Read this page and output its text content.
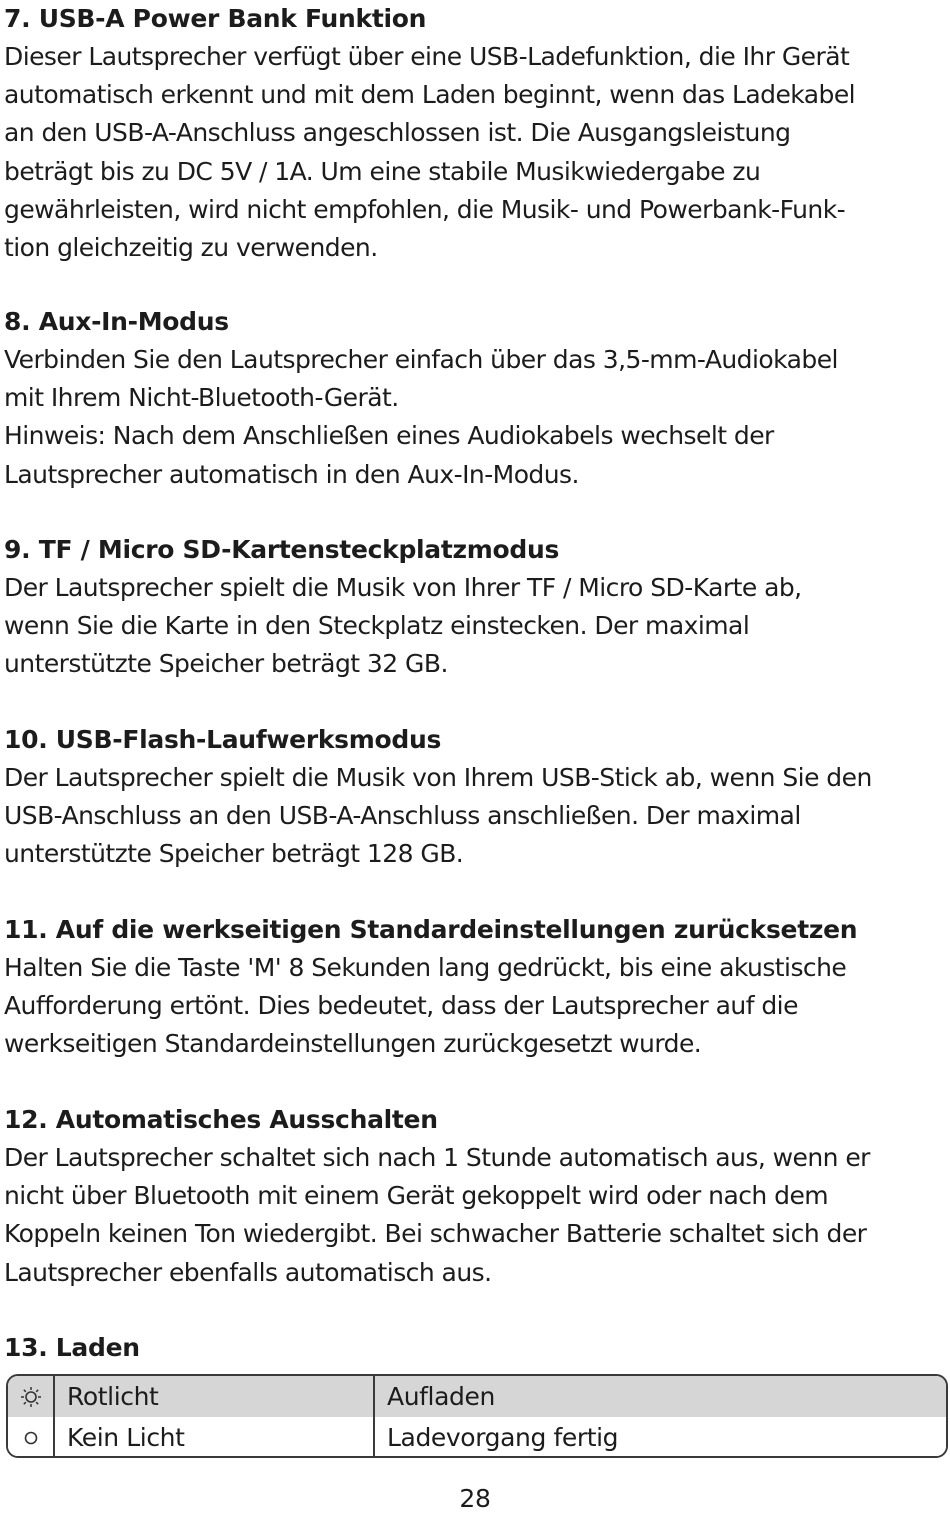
7. USB-A Power Bank Funktion
Dieser Lautsprecher verfügt über eine USB-Ladefunktion, die Ihr Gerät
automatisch erkennt und mit dem Laden beginnt, wenn das Ladekabel
an den USB-A-Anschluss angeschlossen ist. Die Ausgangsleistung
beträgt bis zu DC 5V / 1A. Um eine stabile Musikwiedergabe zu
gewährleisten, wird nicht empfohlen, die Musik- und Powerbank-Funk-
tion gleichzeitig zu verwenden.
8. Aux-In-Modus
Verbinden Sie den Lautsprecher einfach über das 3,5-mm-Audiokabel
mit Ihrem Nicht-Bluetooth-Gerät.
Hinweis: Nach dem Anschließen eines Audiokabels wechselt der
Lautsprecher automatisch in den Aux-In-Modus.
9. TF / Micro SD-Kartensteckplatzmodus
Der Lautsprecher spielt die Musik von Ihrer TF / Micro SD-Karte ab,
wenn Sie die Karte in den Steckplatz einstecken. Der maximal
unterstützte Speicher beträgt 32 GB.
10. USB-Flash-Laufwerksmodus
Der Lautsprecher spielt die Musik von Ihrem USB-Stick ab, wenn Sie den
USB-Anschluss an den USB-A-Anschluss anschließen. Der maximal
unterstützte Speicher beträgt 128 GB.
11. Auf die werkseitigen Standardeinstellungen zurücksetzen
Halten Sie die Taste 'M' 8 Sekunden lang gedrückt, bis eine akustische
Aufforderung ertönt. Dies bedeutet, dass der Lautsprecher auf die
werkseitigen Standardeinstellungen zurückgesetzt wurde.
12. Automatisches Ausschalten
Der Lautsprecher schaltet sich nach 1 Stunde automatisch aus, wenn er
nicht über Bluetooth mit einem Gerät gekoppelt wird oder nach dem
Koppeln keinen Ton wiedergibt. Bei schwacher Batterie schaltet sich der
Lautsprecher ebenfalls automatisch aus.
13. Laden
Rotlicht	Aufladen
Kein Licht	Ladevorgang fertig
28
